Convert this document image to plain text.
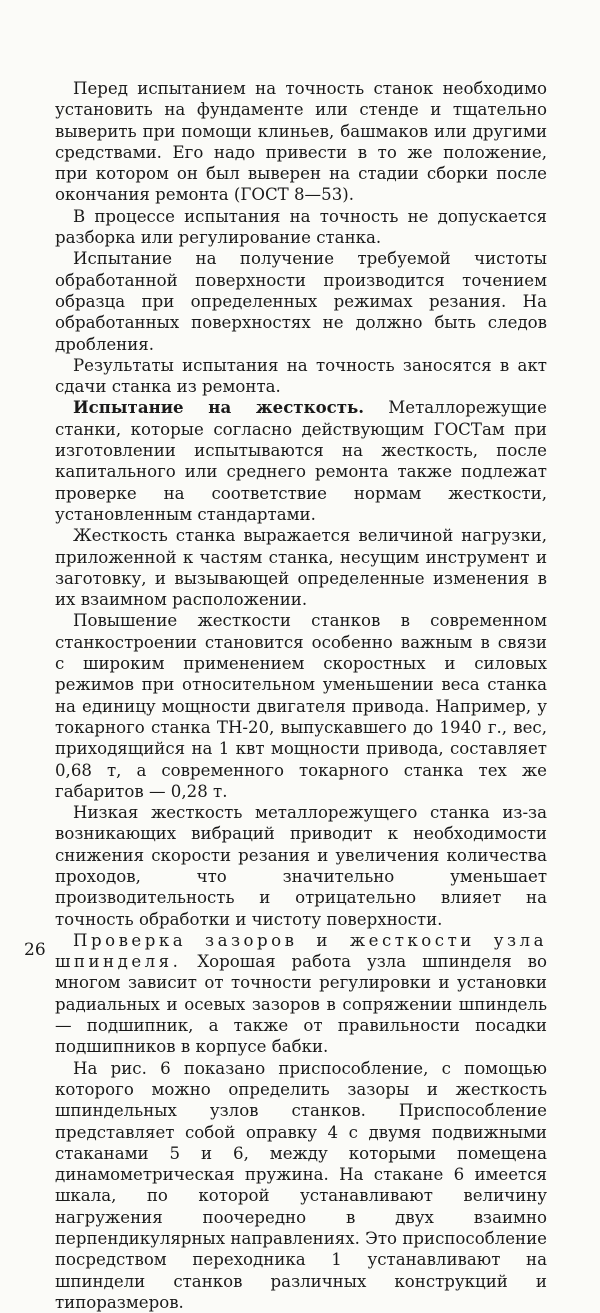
Перед испытанием на точность станок необходимо установить на фундаменте или стенде и тщательно выверить при помощи клиньев, башмаков или другими средствами. Его надо привести в то же положение, при котором он был выверен на стадии сборки после окончания ремонта (ГОСТ 8—53).

В процессе испытания на точность не допускается разборка или регулирование станка.

Испытание на получение требуемой чистоты обработанной поверхности производится точением образца при определенных режимах резания. На обработанных поверхностях не должно быть следов дробления.

Результаты испытания на точность заносятся в акт сдачи станка из ремонта.

Испытание на жесткость. Металлорежущие станки, которые согласно действующим ГОСТам при изготовлении испытываются на жесткость, после капитального или среднего ремонта также подлежат проверке на соответствие нормам жесткости, установленным стандартами.

Жесткость станка выражается величиной нагрузки, приложенной к частям станка, несущим инструмент и заготовку, и вызывающей определенные изменения в их взаимном расположении.

Повышение жесткости станков в современном станкостроении становится особенно важным в связи с широким применением скоростных и силовых режимов при относительном уменьшении веса станка на единицу мощности двигателя привода. Например, у токарного станка ТН-20, выпускавшего до 1940 г., вес, приходящийся на 1 квт мощности привода, составляет 0,68 т, а современного токарного станка тех же габаритов — 0,28 т.

Низкая жесткость металлорежущего станка из-за возникающих вибраций приводит к необходимости снижения скорости резания и увеличения количества проходов, что значительно уменьшает производительность и отрицательно влияет на точность обработки и чистоту поверхности.

Проверка зазоров и жесткости узла шпинделя. Хорошая работа узла шпинделя во многом зависит от точности регулировки и установки радиальных и осевых зазоров в сопряжении шпиндель — подшипник, а также от правильности посадки подшипников в корпусе бабки.

На рис. 6 показано приспособление, с помощью которого можно определить зазоры и жесткость шпиндельных узлов станков. Приспособление представляет собой оправку 4 с двумя подвижными стаканами 5 и 6, между которыми помещена динамометрическая пружина. На стакане 6 имеется шкала, по которой устанавливают величину нагружения поочередно в двух взаимно перпендикулярных направлениях. Это приспособление посредством переходника 1 устанавливают на шпиндели станков различных конструкций и типоразмеров.

26
